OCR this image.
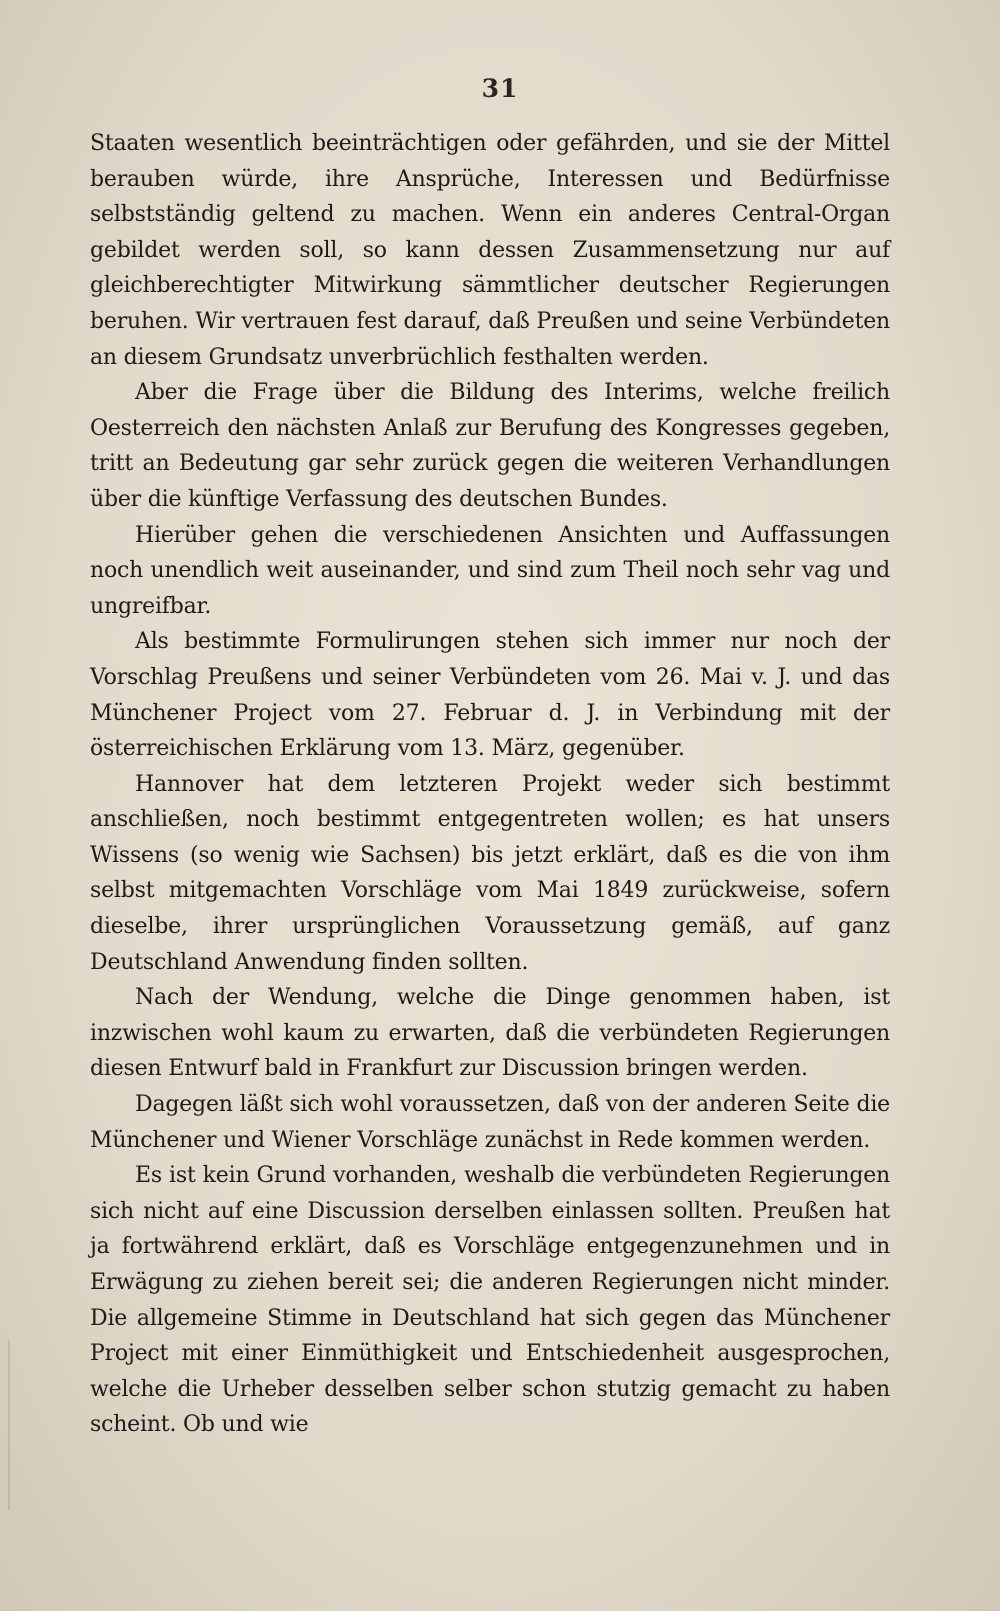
31

Staaten wesentlich beeinträchtigen oder gefährden, und sie der Mittel berauben würde, ihre Ansprüche, Interessen und Bedürfnisse selbstständig geltend zu machen. Wenn ein anderes Central-Organ gebildet werden soll, so kann dessen Zusammensetzung nur auf gleichberechtigter Mitwirkung sämmtlicher deutscher Regierungen beruhen. Wir vertrauen fest darauf, daß Preußen und seine Verbündeten an diesem Grundsatz unverbrüchlich festhalten werden.

Aber die Frage über die Bildung des Interims, welche freilich Oesterreich den nächsten Anlaß zur Berufung des Kongresses gegeben, tritt an Bedeutung gar sehr zurück gegen die weiteren Verhandlungen über die künftige Verfassung des deutschen Bundes.

Hierüber gehen die verschiedenen Ansichten und Auffassungen noch unendlich weit auseinander, und sind zum Theil noch sehr vag und ungreifbar.

Als bestimmte Formulirungen stehen sich immer nur noch der Vorschlag Preußens und seiner Verbündeten vom 26. Mai v. J. und das Münchener Project vom 27. Februar d. J. in Verbindung mit der österreichischen Erklärung vom 13. März, gegenüber.

Hannover hat dem letzteren Projekt weder sich bestimmt anschließen, noch bestimmt entgegentreten wollen; es hat unsers Wissens (so wenig wie Sachsen) bis jetzt erklärt, daß es die von ihm selbst mitgemachten Vorschläge vom Mai 1849 zurückweise, sofern dieselbe, ihrer ursprünglichen Voraussetzung gemäß, auf ganz Deutschland Anwendung finden sollten.

Nach der Wendung, welche die Dinge genommen haben, ist inzwischen wohl kaum zu erwarten, daß die verbündeten Regierungen diesen Entwurf bald in Frankfurt zur Discussion bringen werden.

Dagegen läßt sich wohl voraussetzen, daß von der anderen Seite die Münchener und Wiener Vorschläge zunächst in Rede kommen werden.

Es ist kein Grund vorhanden, weshalb die verbündeten Regierungen sich nicht auf eine Discussion derselben einlassen sollten. Preußen hat ja fortwährend erklärt, daß es Vorschläge entgegenzunehmen und in Erwägung zu ziehen bereit sei; die anderen Regierungen nicht minder. Die allgemeine Stimme in Deutschland hat sich gegen das Münchener Project mit einer Einmüthigkeit und Entschiedenheit ausgesprochen, welche die Urheber desselben selber schon stutzig gemacht zu haben scheint. Ob und wie
